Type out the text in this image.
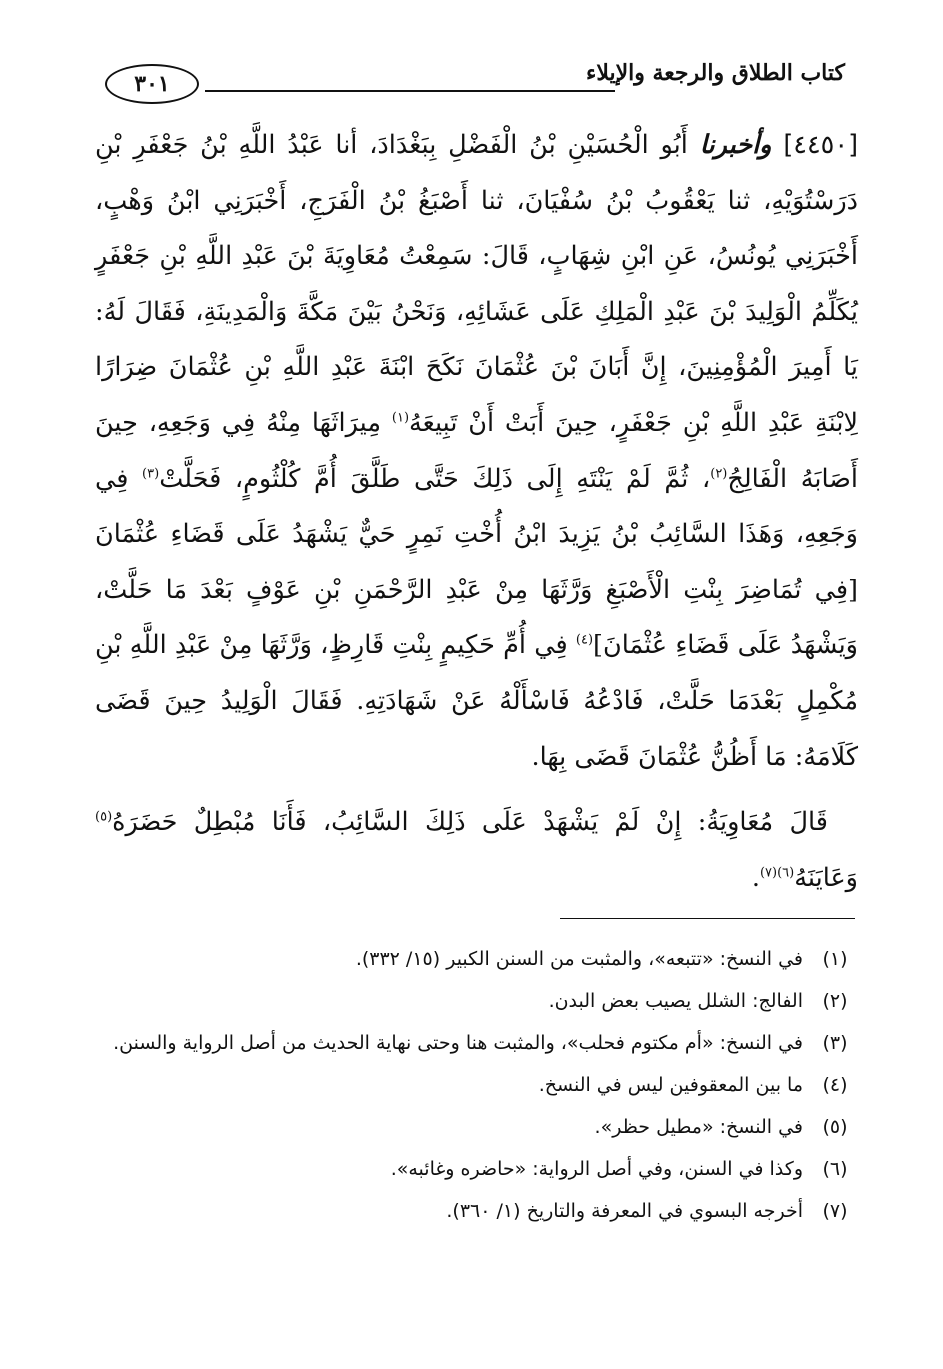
٣٠١	كتاب الطلاق والرجعة والإيلاء

[٤٤٥٠] وأخبرنا أَبُو الْحُسَيْنِ بْنُ الْفَضْلِ بِبَغْدَادَ، أنا عَبْدُ اللَّهِ بْنُ جَعْفَرِ بْنِ دَرَسْتُوَيْهِ، ثنا يَعْقُوبُ بْنُ سُفْيَانَ، ثنا أَصْبَغُ بْنُ الْفَرَجِ، أَخْبَرَنِي ابْنُ وَهْبٍ، أَخْبَرَنِي يُونُسُ، عَنِ ابْنِ شِهَابٍ، قَالَ: سَمِعْتُ مُعَاوِيَةَ بْنَ عَبْدِ اللَّهِ بْنِ جَعْفَرٍ يُكَلِّمُ الْوَلِيدَ بْنَ عَبْدِ الْمَلِكِ عَلَى عَشَائِهِ، وَنَحْنُ بَيْنَ مَكَّةَ وَالْمَدِينَةِ، فَقَالَ لَهُ: يَا أَمِيرَ الْمُؤْمِنِينَ، إِنَّ أَبَانَ بْنَ عُثْمَانَ نَكَحَ ابْنَةَ عَبْدِ اللَّهِ بْنِ عُثْمَانَ ضِرَارًا لِابْنَةِ عَبْدِ اللَّهِ بْنِ جَعْفَرٍ، حِينَ أَبَتْ أَنْ تَبِيعَهُ$^{(١)}$ مِيرَاثَهَا مِنْهُ فِي وَجَعِهِ، حِينَ أَصَابَهُ الْفَالِجُ$^{(٢)}$، ثُمَّ لَمْ يَنْتَهِ إِلَى ذَلِكَ حَتَّى طَلَّقَ أُمَّ كُلْثُومٍ، فَحَلَّتْ$^{(٣)}$ فِي وَجَعِهِ، وَهَذَا السَّائِبُ بْنُ يَزِيدَ ابْنُ أُخْتِ نَمِرٍ حَيٌّ يَشْهَدُ عَلَى قَضَاءِ عُثْمَانَ [فِي تُمَاضِرَ بِنْتِ الْأَصْبَغِ وَرَّثَهَا مِنْ عَبْدِ الرَّحْمَنِ بْنِ عَوْفٍ بَعْدَ مَا حَلَّتْ، وَيَشْهَدُ عَلَى قَضَاءِ عُثْمَانَ]$^{(٤)}$ فِي أُمِّ حَكِيمٍ بِنْتِ قَارِظٍ، وَرَّثَهَا مِنْ عَبْدِ اللَّهِ بْنِ مُكْمِلٍ بَعْدَمَا حَلَّتْ، فَادْعُهُ فَاسْأَلْهُ عَنْ شَهَادَتِهِ. فَقَالَ الْوَلِيدُ حِينَ قَضَى كَلَامَهُ: مَا أَظُنُّ عُثْمَانَ قَضَى بِهَا.

قَالَ مُعَاوِيَةُ: إِنْ لَمْ يَشْهَدْ عَلَى ذَلِكَ السَّائِبُ، فَأَنَا مُبْطِلٌ حَضَرَهُ$^{(٥)}$ وَعَايَنَهُ$^{(٦)(٧)}$.

(١)
في النسخ: «تتبعه»، والمثبت من السنن الكبير (١٥/ ٣٣٢).
(٢)
الفالج: الشلل يصيب بعض البدن.
(٣)
في النسخ: «أم مكتوم فحلب»، والمثبت هنا وحتى نهاية الحديث من أصل الرواية والسنن.
(٤)
ما بين المعقوفين ليس في النسخ.
(٥)
في النسخ: «مطيل حظر».
(٦)
وكذا في السنن، وفي أصل الرواية: «حاضره وغائبه».
(٧)
أخرجه البسوي في المعرفة والتاريخ (١/ ٣٦٠).
